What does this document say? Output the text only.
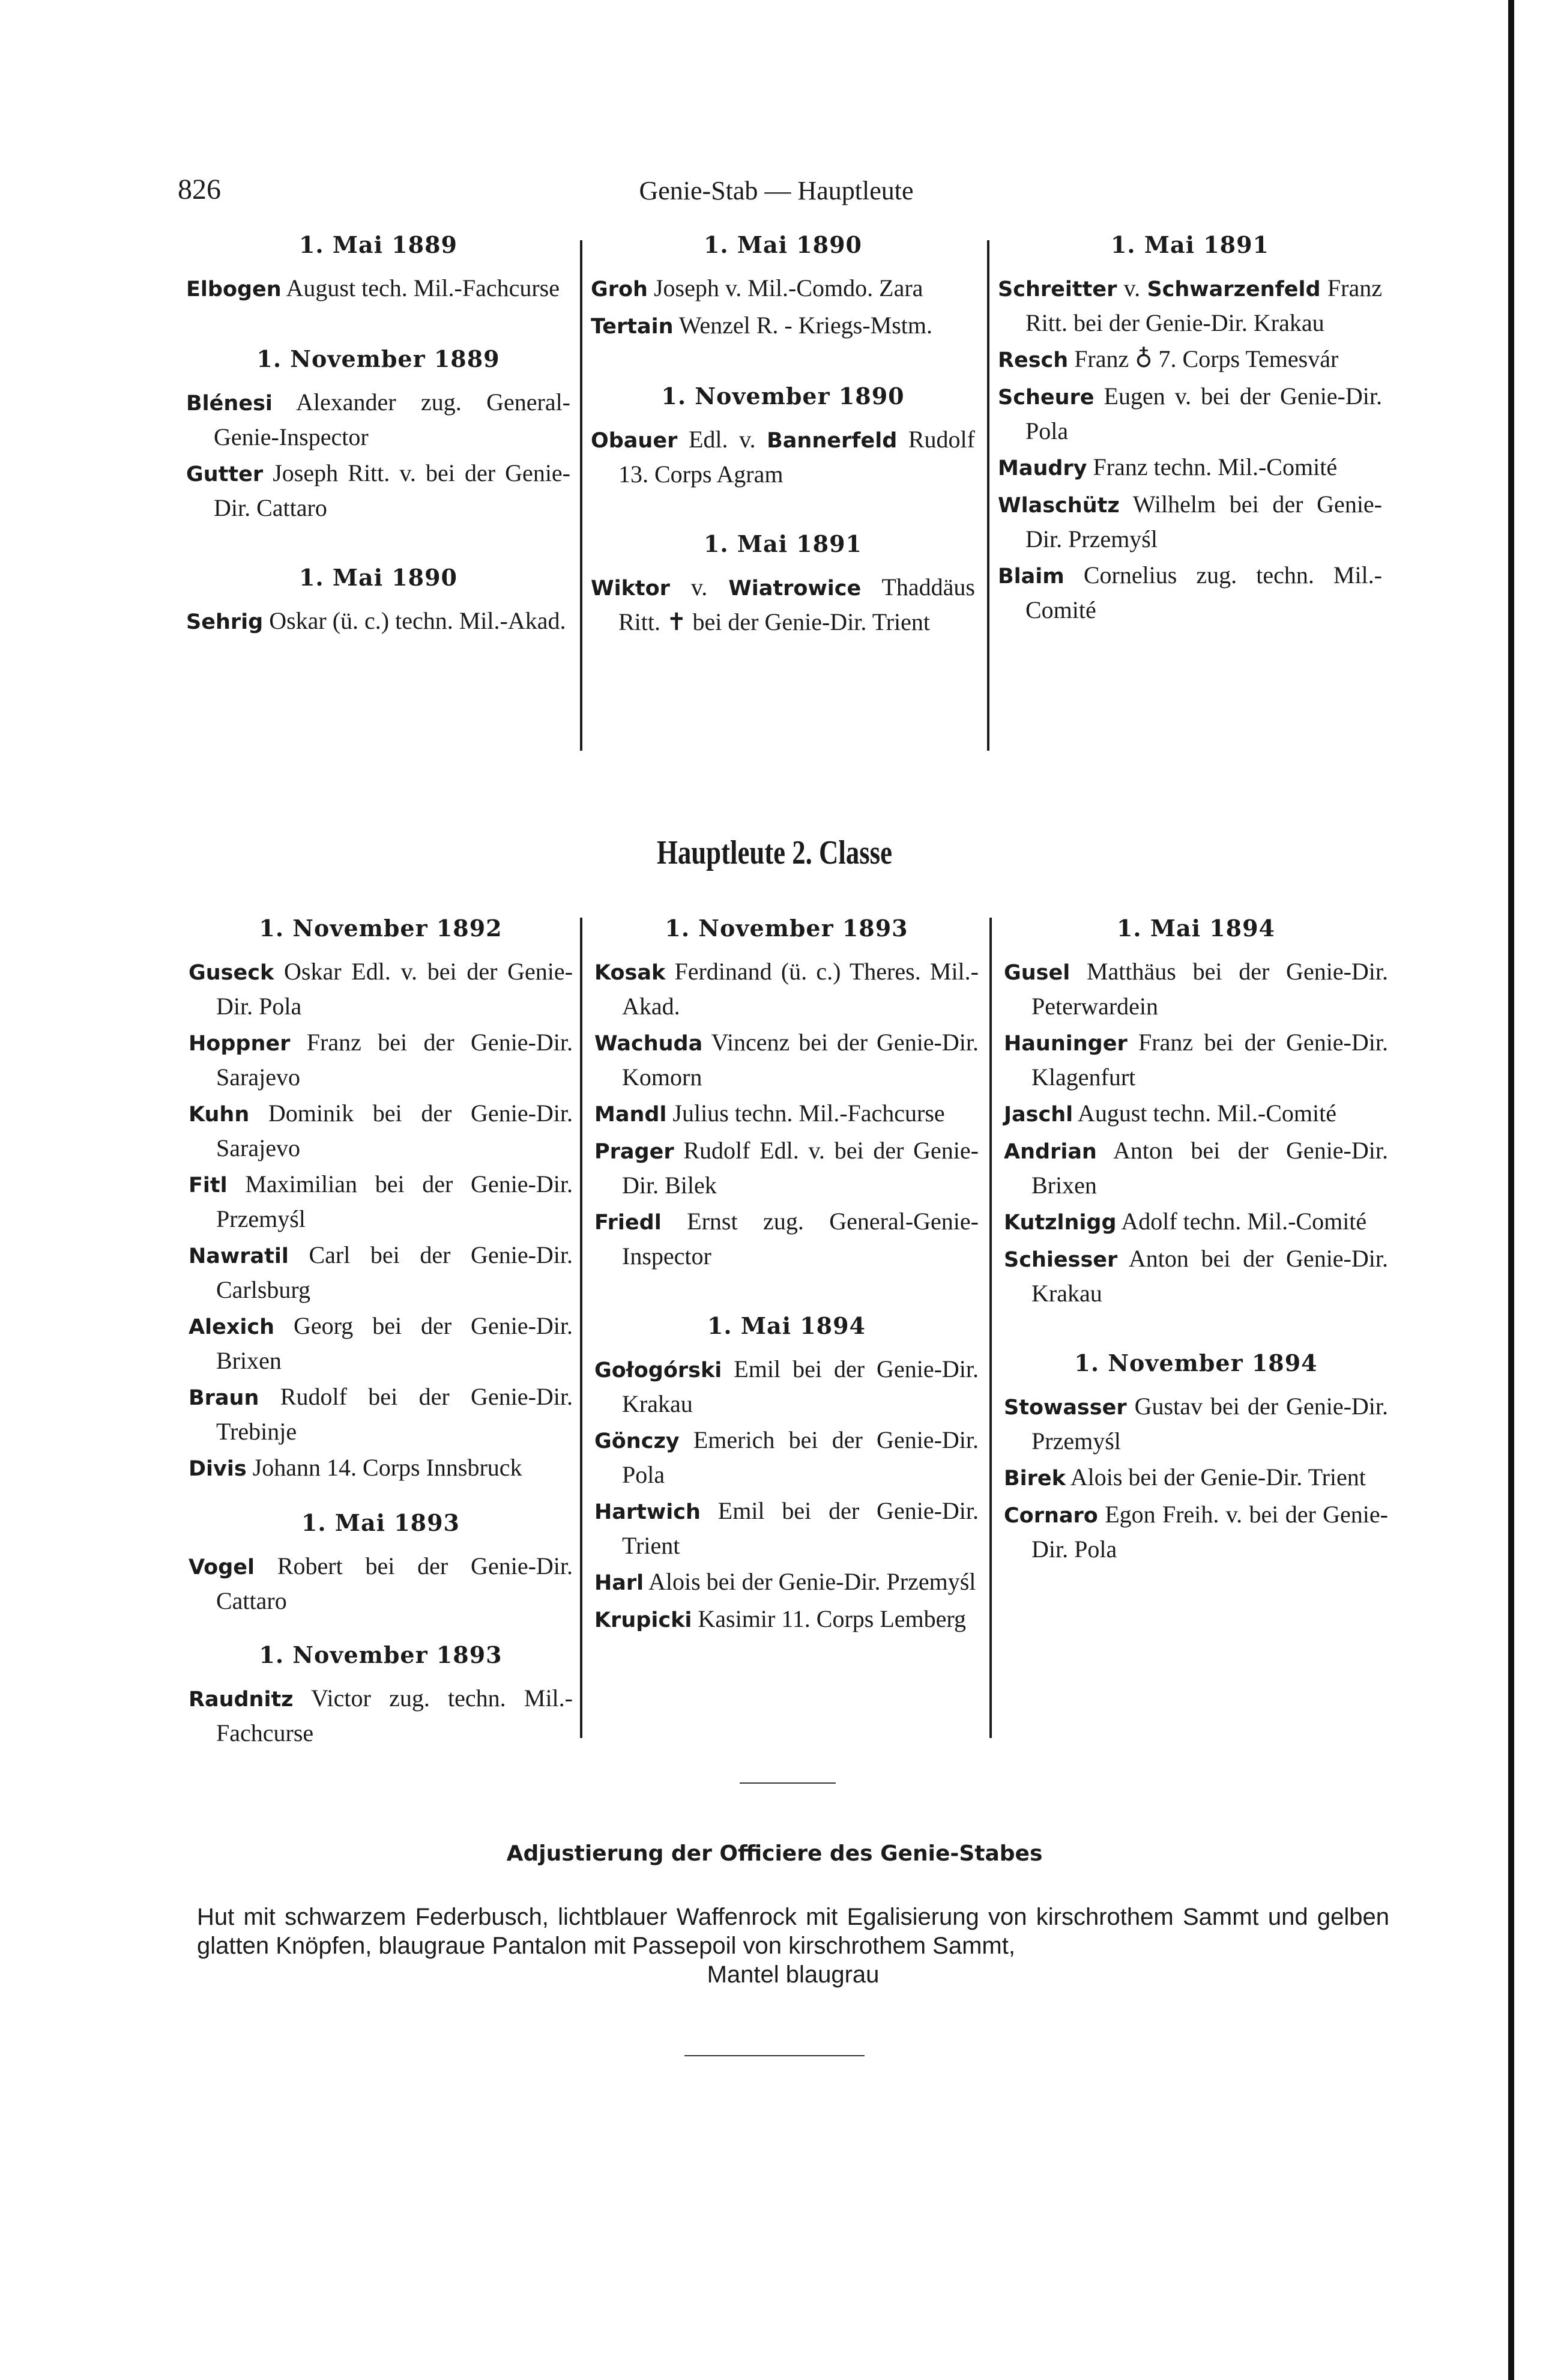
826	Genie-Stab — Hauptleute
1. Mai 1889
Elbogen August tech. Mil.-Fachcurse
1. November 1889
Blénesi Alexander zug. General-Genie-Inspector
Gutter Joseph Ritt. v. bei der Genie-Dir. Cattaro
1. Mai 1890
Sehrig Oskar (ü. c.) techn. Mil.-Akad.
1. Mai 1890
Groh Joseph v. Mil.-Comdo. Zara
Tertain Wenzel R. - Kriegs-Mstm.
1. November 1890
Obauer Edl. v. Bannerfeld Rudolf 13. Corps Agram
1. Mai 1891
Wiktor v. Wiatrowice Thaddäus Ritt. ✝ bei der Genie-Dir. Trient
1. Mai 1891
Schreitter v. Schwarzenfeld Franz Ritt. bei der Genie-Dir. Krakau
Resch Franz ♁ 7. Corps Temesvár
Scheure Eugen v. bei der Genie-Dir. Pola
Maudry Franz techn. Mil.-Comité
Wlaschütz Wilhelm bei der Genie-Dir. Przemyśl
Blaim Cornelius zug. techn. Mil.-Comité
Hauptleute 2. Classe
1. November 1892
Guseck Oskar Edl. v. bei der Genie-Dir. Pola
Hoppner Franz bei der Genie-Dir. Sarajevo
Kuhn Dominik bei der Genie-Dir. Sarajevo
Fitl Maximilian bei der Genie-Dir. Przemyśl
Nawratil Carl bei der Genie-Dir. Carlsburg
Alexich Georg bei der Genie-Dir. Brixen
Braun Rudolf bei der Genie-Dir. Trebinje
Divis Johann 14. Corps Innsbruck
1. Mai 1893
Vogel Robert bei der Genie-Dir. Cattaro
1. November 1893
Raudnitz Victor zug. techn. Mil.-Fachcurse
1. November 1893
Kosak Ferdinand (ü. c.) Theres. Mil.-Akad.
Wachuda Vincenz bei der Genie-Dir. Komorn
Mandl Julius techn. Mil.-Fachcurse
Prager Rudolf Edl. v. bei der Genie-Dir. Bilek
Friedl Ernst zug. General-Genie-Inspector
1. Mai 1894
Gołogórski Emil bei der Genie-Dir. Krakau
Gönczy Emerich bei der Genie-Dir. Pola
Hartwich Emil bei der Genie-Dir. Trient
Harl Alois bei der Genie-Dir. Przemyśl
Krupicki Kasimir 11. Corps Lemberg
1. Mai 1894
Gusel Matthäus bei der Genie-Dir. Peterwardein
Hauninger Franz bei der Genie-Dir. Klagenfurt
Jaschl August techn. Mil.-Comité
Andrian Anton bei der Genie-Dir. Brixen
Kutzlnigg Adolf techn. Mil.-Comité
Schiesser Anton bei der Genie-Dir. Krakau
1. November 1894
Stowasser Gustav bei der Genie-Dir. Przemyśl
Birek Alois bei der Genie-Dir. Trient
Cornaro Egon Freih. v. bei der Genie-Dir. Pola
Adjustierung der Officiere des Genie-Stabes
Hut mit schwarzem Federbusch, lichtblauer Waffenrock mit Egalisierung von kirschrothem Sammt und gelben glatten Knöpfen, blaugraue Pantalon mit Passepoil von kirschrothem Sammt,
Mantel blaugrau
